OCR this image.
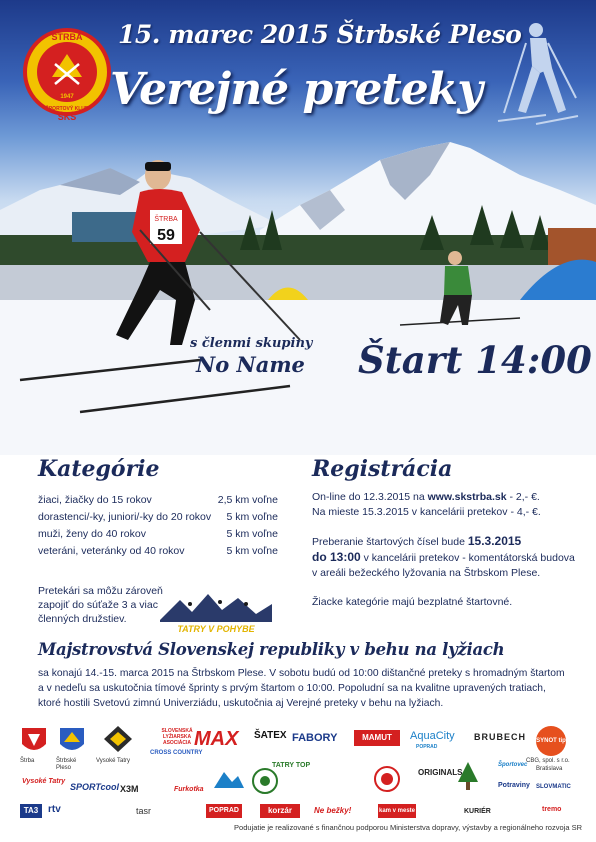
ŠTRBA
59
ŠTRBA
1947
ŠPORTOVÝ KLUB
ŠKŠ
15. marec 2015 Štrbské Pleso
Verejné preteky
s členmi skupiny
No Name Štart 14:00
Kategórie
žiaci, žiačky do 15 rokov	2,5 km voľne
dorastenci/-ky, juniori/-ky do 20 rokov 5 km voľne
muži, ženy do 40 rokov	5 km voľne
veteráni, veteránky od 40 rokov	5 km voľne
Pretekári sa môžu zároveň zapojiť do súťaže 3 a viac členných družstiev.
TATRY V POHYBE
Registrácia

On-line do 12.3.2015 na www.skstrba.sk - 2,- €.

Na mieste 15.3.2015 v kancelárii pretekov - 4,- €.

Preberanie štartových čísel bude 15.3.2015
do 13:00 v kancelárii pretekov - komentátorská budova v areáli bežeckého lyžovania na Štrbskom Plese.

Žiacke kategórie majú bezplatné štartovné.

Majstrovstvá Slovenskej republiky v behu na lyžiach
sa konajú 14.-15. marca 2015 na Štrbskom Plese. V sobotu budú od 10:00 dištančné preteky s hromadným štartom a v nedeľu sa uskutočnia tímové šprinty s prvým štartom o 10:00. Popoludní sa na kvalitne upravených tratiach, ktoré hostili Svetovú zimnú Univerziádu, uskutočnia aj Verejné preteky v behu na lyžiach.
Štrba	Štrbské Pleso
Vysoké Tatry
SLOVENSKÁ LYŽIARSKA ASOCIÁCIA
CROSS COUNTRY
MAX ŠATEX FABORY	MAMUT	AquaCity
POPRAD
BRUBECH SYNOT tip
CBG, spol. s r.o.
Bratislava
Vysoké Tatry
TATRY TOP
ORIGINALS
Potraviny SLOVMATIC
TA3 rtv
SPORTcool
tasr
Furkotka
X3M
POPRAD	korzár	Ne bežky!	kam v meste	KURIÉR	tremo
Športovec
Podujatie je realizované s finančnou podporou Ministerstva dopravy, výstavby a regionálneho rozvoja SR
